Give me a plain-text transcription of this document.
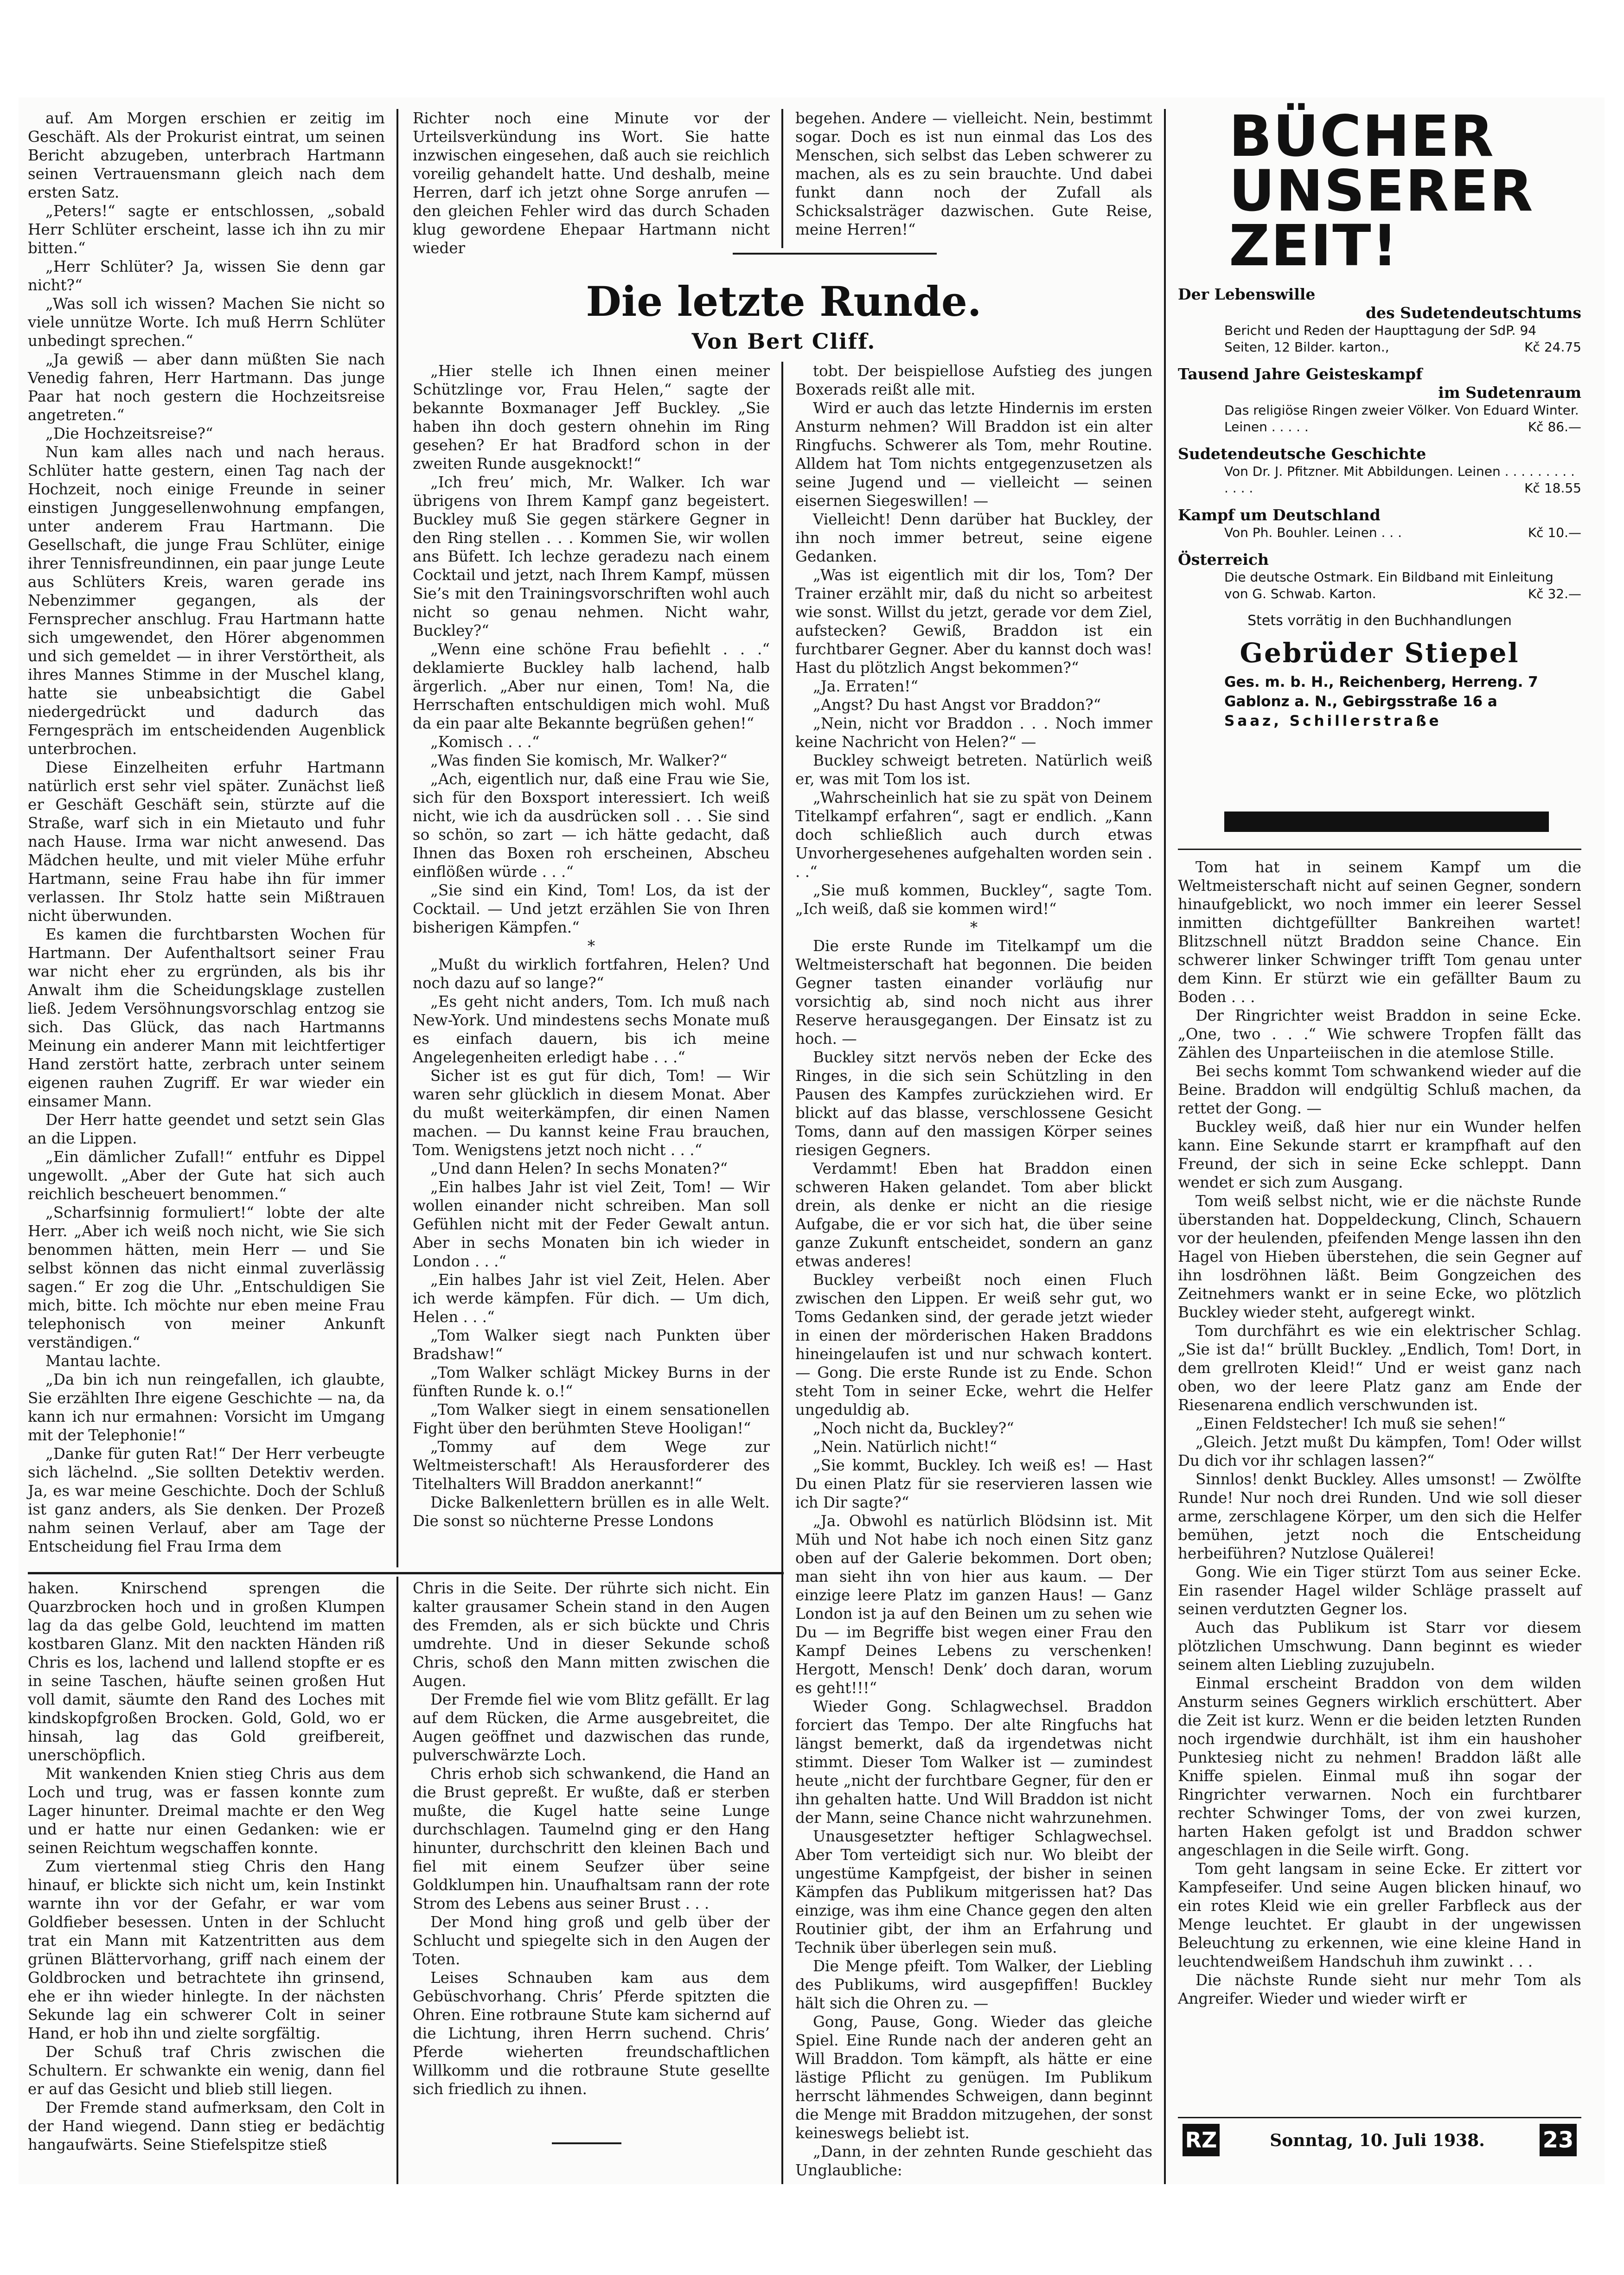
auf. Am Morgen erschien er zeitig im Geschäft. Als der Prokurist eintrat, um seinen Bericht abzugeben, unterbrach Hartmann seinen Vertrauensmann gleich nach dem ersten Satz.

„Peters!“ sagte er entschlossen, „sobald Herr Schlüter erscheint, lasse ich ihn zu mir bitten.“

„Herr Schlüter? Ja, wissen Sie denn gar nicht?“

„Was soll ich wissen? Machen Sie nicht so viele unnütze Worte. Ich muß Herrn Schlüter unbedingt sprechen.“

„Ja gewiß — aber dann müßten Sie nach Venedig fahren, Herr Hartmann. Das junge Paar hat noch gestern die Hochzeitsreise angetreten.“

„Die Hochzeitsreise?“

Nun kam alles nach und nach heraus. Schlüter hatte gestern, einen Tag nach der Hochzeit, noch einige Freunde in seiner einstigen Junggesellenwohnung empfangen, unter anderem Frau Hartmann. Die Gesellschaft, die junge Frau Schlüter, einige ihrer Tennisfreundinnen, ein paar junge Leute aus Schlüters Kreis, waren gerade ins Nebenzimmer gegangen, als der Fernsprecher anschlug. Frau Hartmann hatte sich umgewendet, den Hörer abgenommen und sich gemeldet — in ihrer Verstörtheit, als ihres Mannes Stimme in der Muschel klang, hatte sie unbeabsichtigt die Gabel niedergedrückt und dadurch das Ferngespräch im entscheidenden Augenblick unterbrochen.

Diese Einzelheiten erfuhr Hartmann natürlich erst sehr viel später. Zunächst ließ er Geschäft Geschäft sein, stürzte auf die Straße, warf sich in ein Mietauto und fuhr nach Hause. Irma war nicht anwesend. Das Mädchen heulte, und mit vieler Mühe erfuhr Hartmann, seine Frau habe ihn für immer verlassen. Ihr Stolz hatte sein Mißtrauen nicht überwunden.

Es kamen die furchtbarsten Wochen für Hartmann. Der Aufenthaltsort seiner Frau war nicht eher zu ergründen, als bis ihr Anwalt ihm die Scheidungsklage zustellen ließ. Jedem Versöhnungsvorschlag entzog sie sich. Das Glück, das nach Hartmanns Meinung ein anderer Mann mit leichtfertiger Hand zerstört hatte, zerbrach unter seinem eigenen rauhen Zugriff. Er war wieder ein einsamer Mann.

Der Herr hatte geendet und setzt sein Glas an die Lippen.

„Ein dämlicher Zufall!“ entfuhr es Dippel ungewollt. „Aber der Gute hat sich auch reichlich bescheuert benommen.“

„Scharfsinnig formuliert!“ lobte der alte Herr. „Aber ich weiß noch nicht, wie Sie sich benommen hätten, mein Herr — und Sie selbst können das nicht einmal zuverlässig sagen.“ Er zog die Uhr. „Entschuldigen Sie mich, bitte. Ich möchte nur eben meine Frau telephonisch von meiner Ankunft verständigen.“

Mantau lachte.

„Da bin ich nun reingefallen, ich glaubte, Sie erzählten Ihre eigene Geschichte — na, da kann ich nur ermahnen: Vorsicht im Umgang mit der Telephonie!“

„Danke für guten Rat!“ Der Herr verbeugte sich lächelnd. „Sie sollten Detektiv werden. Ja, es war meine Geschichte. Doch der Schluß ist ganz anders, als Sie denken. Der Prozeß nahm seinen Verlauf, aber am Tage der Entscheidung fiel Frau Irma dem

Richter noch eine Minute vor der Urteilsverkündung ins Wort. Sie hatte inzwischen eingesehen, daß auch sie reichlich voreilig gehandelt hatte. Und deshalb, meine Herren, darf ich jetzt ohne Sorge anrufen — den gleichen Fehler wird das durch Schaden klug gewordene Ehepaar Hartmann nicht wieder

begehen. Andere — vielleicht. Nein, bestimmt sogar. Doch es ist nun einmal das Los des Menschen, sich selbst das Leben schwerer zu machen, als es zu sein brauchte. Und dabei funkt dann noch der Zufall als Schicksalsträger dazwischen. Gute Reise, meine Herren!“

Die letzte Runde.
Von Bert Cliff.

„Hier stelle ich Ihnen einen meiner Schützlinge vor, Frau Helen,“ sagte der bekannte Boxmanager Jeff Buckley. „Sie haben ihn doch gestern ohnehin im Ring gesehen? Er hat Bradford schon in der zweiten Runde ausgeknockt!“

„Ich freu’ mich, Mr. Walker. Ich war übrigens von Ihrem Kampf ganz begeistert. Buckley muß Sie gegen stärkere Gegner in den Ring stellen . . . Kommen Sie, wir wollen ans Büfett. Ich lechze geradezu nach einem Cocktail und jetzt, nach Ihrem Kampf, müssen Sie’s mit den Trainingsvorschriften wohl auch nicht so genau nehmen. Nicht wahr, Buckley?“

„Wenn eine schöne Frau befiehlt . . .“ deklamierte Buckley halb lachend, halb ärgerlich. „Aber nur einen, Tom! Na, die Herrschaften entschuldigen mich wohl. Muß da ein paar alte Bekannte begrüßen gehen!“

„Komisch . . .“

„Was finden Sie komisch, Mr. Walker?“

„Ach, eigentlich nur, daß eine Frau wie Sie, sich für den Boxsport interessiert. Ich weiß nicht, wie ich da ausdrücken soll . . . Sie sind so schön, so zart — ich hätte gedacht, daß Ihnen das Boxen roh erscheinen, Abscheu einflößen würde . . .“

„Sie sind ein Kind, Tom! Los, da ist der Cocktail. — Und jetzt erzählen Sie von Ihren bisherigen Kämpfen.“

*

„Mußt du wirklich fortfahren, Helen? Und noch dazu auf so lange?“

„Es geht nicht anders, Tom. Ich muß nach New-York. Und mindestens sechs Monate muß es einfach dauern, bis ich meine Angelegenheiten erledigt habe . . .“

Sicher ist es gut für dich, Tom! — Wir waren sehr glücklich in diesem Monat. Aber du mußt weiterkämpfen, dir einen Namen machen. — Du kannst keine Frau brauchen, Tom. Wenigstens jetzt noch nicht . . .“

„Und dann Helen? In sechs Monaten?“

„Ein halbes Jahr ist viel Zeit, Tom! — Wir wollen einander nicht schreiben. Man soll Gefühlen nicht mit der Feder Gewalt antun. Aber in sechs Monaten bin ich wieder in London . . .“

„Ein halbes Jahr ist viel Zeit, Helen. Aber ich werde kämpfen. Für dich. — Um dich, Helen . . .“

„Tom Walker siegt nach Punkten über Bradshaw!“

„Tom Walker schlägt Mickey Burns in der fünften Runde k. o.!“

„Tom Walker siegt in einem sensationellen Fight über den berühmten Steve Hooligan!“

„Tommy auf dem Wege zur Weltmeisterschaft! Als Herausforderer des Titelhalters Will Braddon anerkannt!“

Dicke Balkenlettern brüllen es in alle Welt. Die sonst so nüchterne Presse Londons

tobt. Der beispiellose Aufstieg des jungen Boxerads reißt alle mit.

Wird er auch das letzte Hindernis im ersten Ansturm nehmen? Will Braddon ist ein alter Ringfuchs. Schwerer als Tom, mehr Routine. Alldem hat Tom nichts entgegenzusetzen als seine Jugend und — vielleicht — seinen eisernen Siegeswillen! —

Vielleicht! Denn darüber hat Buckley, der ihn noch immer betreut, seine eigene Gedanken.

„Was ist eigentlich mit dir los, Tom? Der Trainer erzählt mir, daß du nicht so arbeitest wie sonst. Willst du jetzt, gerade vor dem Ziel, aufstecken? Gewiß, Braddon ist ein furchtbarer Gegner. Aber du kannst doch was! Hast du plötzlich Angst bekommen?“

„Ja. Erraten!“

„Angst? Du hast Angst vor Braddon?“

„Nein, nicht vor Braddon . . . Noch immer keine Nachricht von Helen?“ —

Buckley schweigt betreten. Natürlich weiß er, was mit Tom los ist.

„Wahrscheinlich hat sie zu spät von Deinem Titelkampf erfahren“, sagt er endlich. „Kann doch schließlich auch durch etwas Unvorhergesehenes aufgehalten worden sein . . .“

„Sie muß kommen, Buckley“, sagte Tom. „Ich weiß, daß sie kommen wird!“

*

Die erste Runde im Titelkampf um die Weltmeisterschaft hat begonnen. Die beiden Gegner tasten einander vorläufig nur vorsichtig ab, sind noch nicht aus ihrer Reserve herausgegangen. Der Einsatz ist zu hoch. —

Buckley sitzt nervös neben der Ecke des Ringes, in die sich sein Schützling in den Pausen des Kampfes zurückziehen wird. Er blickt auf das blasse, verschlossene Gesicht Toms, dann auf den massigen Körper seines riesigen Gegners.

Verdammt! Eben hat Braddon einen schweren Haken gelandet. Tom aber blickt drein, als denke er nicht an die riesige Aufgabe, die er vor sich hat, die über seine ganze Zukunft entscheidet, sondern an ganz etwas anderes!

Buckley verbeißt noch einen Fluch zwischen den Lippen. Er weiß sehr gut, wo Toms Gedanken sind, der gerade jetzt wieder in einen der mörderischen Haken Braddons hineingelaufen ist und nur schwach kontert. — Gong. Die erste Runde ist zu Ende. Schon steht Tom in seiner Ecke, wehrt die Helfer ungeduldig ab.

„Noch nicht da, Buckley?“

„Nein. Natürlich nicht!“

„Sie kommt, Buckley. Ich weiß es! — Hast Du einen Platz für sie reservieren lassen wie ich Dir sagte?“

„Ja. Obwohl es natürlich Blödsinn ist. Mit Müh und Not habe ich noch einen Sitz ganz oben auf der Galerie bekommen. Dort oben; man sieht ihn von hier aus kaum. — Der einzige leere Platz im ganzen Haus! — Ganz London ist ja auf den Beinen um zu sehen wie Du — im Begriffe bist wegen einer Frau den Kampf Deines Lebens zu verschenken! Hergott, Mensch! Denk’ doch daran, worum es geht!!!“

Wieder Gong. Schlagwechsel. Braddon forciert das Tempo. Der alte Ringfuchs hat längst bemerkt, daß da irgendetwas nicht stimmt. Dieser Tom Walker ist — zumindest heute „nicht der furchtbare Gegner, für den er ihn gehalten hatte. Und Will Braddon ist nicht der Mann, seine Chance nicht wahrzunehmen.

Unausgesetzter heftiger Schlagwechsel. Aber Tom verteidigt sich nur. Wo bleibt der ungestüme Kampfgeist, der bisher in seinen Kämpfen das Publikum mitgerissen hat? Das einzige, was ihm eine Chance gegen den alten Routinier gibt, der ihm an Erfahrung und Technik über überlegen sein muß.

Die Menge pfeift. Tom Walker, der Liebling des Publikums, wird ausgepfiffen! Buckley hält sich die Ohren zu. —

Gong, Pause, Gong. Wieder das gleiche Spiel. Eine Runde nach der anderen geht an Will Braddon. Tom kämpft, als hätte er eine lästige Pflicht zu genügen. Im Publikum herrscht lähmendes Schweigen, dann beginnt die Menge mit Braddon mitzugehen, der sonst keineswegs beliebt ist.

„Dann, in der zehnten Runde geschieht das Unglaubliche:

Tom hat in seinem Kampf um die Weltmeisterschaft nicht auf seinen Gegner, sondern hinaufgeblickt, wo noch immer ein leerer Sessel inmitten dichtgefüllter Bankreihen wartet! Blitzschnell nützt Braddon seine Chance. Ein schwerer linker Schwinger trifft Tom genau unter dem Kinn. Er stürzt wie ein gefällter Baum zu Boden . . .

Der Ringrichter weist Braddon in seine Ecke. „One, two . . .“ Wie schwere Tropfen fällt das Zählen des Unparteiischen in die atemlose Stille.

Bei sechs kommt Tom schwankend wieder auf die Beine. Braddon will endgültig Schluß machen, da rettet der Gong. —

Buckley weiß, daß hier nur ein Wunder helfen kann. Eine Sekunde starrt er krampfhaft auf den Freund, der sich in seine Ecke schleppt. Dann wendet er sich zum Ausgang.

Tom weiß selbst nicht, wie er die nächste Runde überstanden hat. Doppeldeckung, Clinch, Schauern vor der heulenden, pfeifenden Menge lassen ihn den Hagel von Hieben überstehen, die sein Gegner auf ihn losdröhnen läßt. Beim Gongzeichen des Zeitnehmers wankt er in seine Ecke, wo plötzlich Buckley wieder steht, aufgeregt winkt.

Tom durchfährt es wie ein elektrischer Schlag. „Sie ist da!“ brüllt Buckley. „Endlich, Tom! Dort, in dem grellroten Kleid!“ Und er weist ganz nach oben, wo der leere Platz ganz am Ende der Riesenarena endlich verschwunden ist.

„Einen Feldstecher! Ich muß sie sehen!“

„Gleich. Jetzt mußt Du kämpfen, Tom! Oder willst Du dich vor ihr schlagen lassen?“

Sinnlos! denkt Buckley. Alles umsonst! — Zwölfte Runde! Nur noch drei Runden. Und wie soll dieser arme, zerschlagene Körper, um den sich die Helfer bemühen, jetzt noch die Entscheidung herbeiführen? Nutzlose Quälerei!

Gong. Wie ein Tiger stürzt Tom aus seiner Ecke. Ein rasender Hagel wilder Schläge prasselt auf seinen verdutzten Gegner los.

Auch das Publikum ist Starr vor diesem plötzlichen Umschwung. Dann beginnt es wieder seinem alten Liebling zuzujubeln.

Einmal erscheint Braddon von dem wilden Ansturm seines Gegners wirklich erschüttert. Aber die Zeit ist kurz. Wenn er die beiden letzten Runden noch irgendwie durchhält, ist ihm ein haushoher Punktesieg nicht zu nehmen! Braddon läßt alle Kniffe spielen. Einmal muß ihn sogar der Ringrichter verwarnen. Noch ein furchtbarer rechter Schwinger Toms, der von zwei kurzen, harten Haken gefolgt ist und Braddon schwer angeschlagen in die Seile wirft. Gong.

Tom geht langsam in seine Ecke. Er zittert vor Kampfeseifer. Und seine Augen blicken hinauf, wo ein rotes Kleid wie ein greller Farbfleck aus der Menge leuchtet. Er glaubt in der ungewissen Beleuchtung zu erkennen, wie eine kleine Hand in leuchtendweißem Handschuh ihm zuwinkt . . .

Die nächste Runde sieht nur mehr Tom als Angreifer. Wieder und wieder wirft er

haken. Knirschend sprengen die Quarzbrocken hoch und in großen Klumpen lag da das gelbe Gold, leuchtend im matten kostbaren Glanz. Mit den nackten Händen riß Chris es los, lachend und lallend stopfte er es in seine Taschen, häufte seinen großen Hut voll damit, säumte den Rand des Loches mit kindskopfgroßen Brocken. Gold, Gold, wo er hinsah, lag das Gold greifbereit, unerschöpflich.

Mit wankenden Knien stieg Chris aus dem Loch und trug, was er fassen konnte zum Lager hinunter. Dreimal machte er den Weg und er hatte nur einen Gedanken: wie er seinen Reichtum wegschaffen konnte.

Zum viertenmal stieg Chris den Hang hinauf, er blickte sich nicht um, kein Instinkt warnte ihn vor der Gefahr, er war vom Goldfieber besessen. Unten in der Schlucht trat ein Mann mit Katzentritten aus dem grünen Blättervorhang, griff nach einem der Goldbrocken und betrachtete ihn grinsend, ehe er ihn wieder hinlegte. In der nächsten Sekunde lag ein schwerer Colt in seiner Hand, er hob ihn und zielte sorgfältig.

Der Schuß traf Chris zwischen die Schultern. Er schwankte ein wenig, dann fiel er auf das Gesicht und blieb still liegen.

Der Fremde stand aufmerksam, den Colt in der Hand wiegend. Dann stieg er bedächtig hangaufwärts. Seine Stiefelspitze stieß

Chris in die Seite. Der rührte sich nicht. Ein kalter grausamer Schein stand in den Augen des Fremden, als er sich bückte und Chris umdrehte. Und in dieser Sekunde schoß Chris, schoß den Mann mitten zwischen die Augen.

Der Fremde fiel wie vom Blitz gefällt. Er lag auf dem Rücken, die Arme ausgebreitet, die Augen geöffnet und dazwischen das runde, pulverschwärzte Loch.

Chris erhob sich schwankend, die Hand an die Brust gepreßt. Er wußte, daß er sterben mußte, die Kugel hatte seine Lunge durchschlagen. Taumelnd ging er den Hang hinunter, durchschritt den kleinen Bach und fiel mit einem Seufzer über seine Goldklumpen hin. Unaufhaltsam rann der rote Strom des Lebens aus seiner Brust . . .

Der Mond hing groß und gelb über der Schlucht und spiegelte sich in den Augen der Toten.

Leises Schnauben kam aus dem Gebüschvorhang. Chris’ Pferde spitzten die Ohren. Eine rotbraune Stute kam sichernd auf die Lichtung, ihren Herrn suchend. Chris’ Pferde wieherten freundschaftlichen Willkomm und die rotbraune Stute gesellte sich friedlich zu ihnen.

BÜCHER
UNSERER
ZEIT!
Der Lebenswille
des Sudetendeutschtums
Bericht und Reden der Haupttagung der SdP. 94 Seiten, 12 Bilder. karton.,	Kč 24.75
Tausend Jahre Geisteskampf
im Sudetenraum
Das religiöse Ringen zweier Völker. Von Eduard Winter. Leinen . . . . .	Kč 86.—
Sudetendeutsche Geschichte
Von Dr. J. Pfitzner. Mit Abbildungen. Leinen . . . . . . . . . . . . .	Kč 18.55
Kampf um Deutschland
Von Ph. Bouhler. Leinen . . .	Kč 10.—
Österreich
Die deutsche Ostmark. Ein Bildband mit Einleitung von G. Schwab. Karton.	Kč 32.—
Stets vorrätig in den Buchhandlungen
Gebrüder Stiepel
Ges. m. b. H., Reichenberg, Herreng. 7
Gablonz a. N., Gebirgsstraße 16 a
Saaz, Schillerstraße
RZ	Sonntag, 10. Juli 1938.	23
